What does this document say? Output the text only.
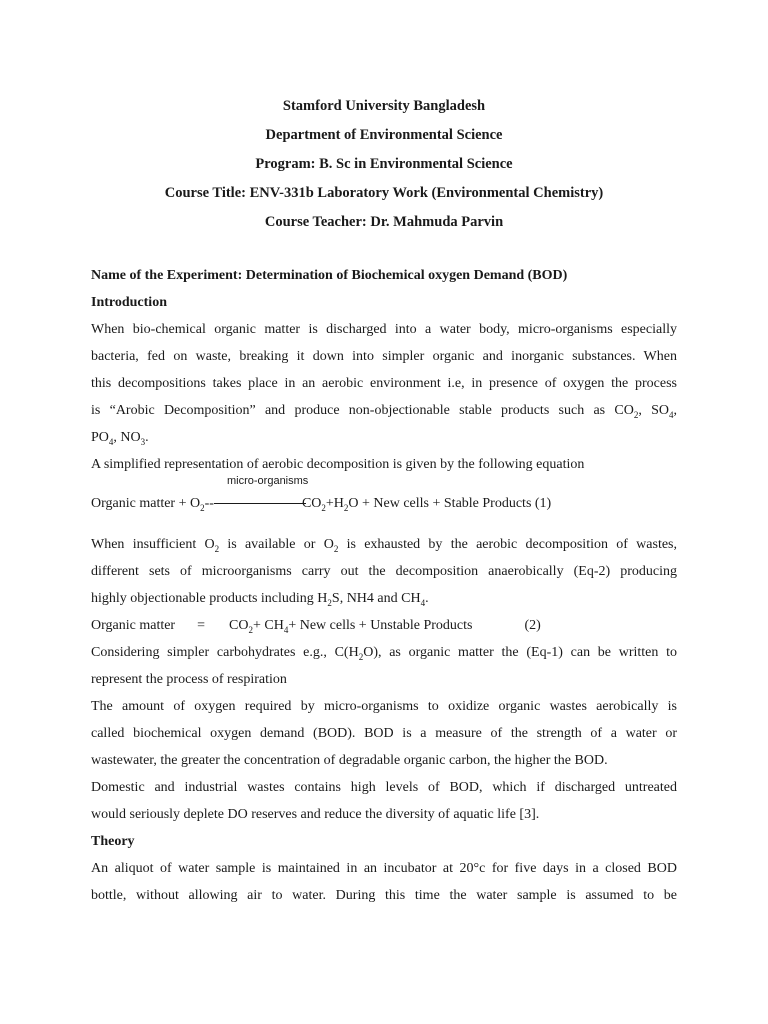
Stamford University Bangladesh
Department of Environmental Science
Program: B. Sc in Environmental Science
Course Title: ENV-331b Laboratory Work (Environmental Chemistry)
Course Teacher: Dr. Mahmuda Parvin
Name of the Experiment: Determination of Biochemical oxygen Demand (BOD)
Introduction
When bio-chemical organic matter is discharged into a water body, micro-organisms especially
bacteria, fed on waste, breaking it down into simpler organic and inorganic substances. When
this decompositions takes place in an aerobic environment i.e, in presence of oxygen the process
is “Arobic Decomposition” and produce non-objectionable stable products such as $CO_2$, $SO_4$,
$PO_4$, $NO_3$.
A simplified representation of aerobic decomposition is given by the following equation
micro-organisms
Organic matter + $O_2--$	$CO_2+H_2O$ + New cells + Stable Products (1)
When insufficient $O_2$ is available or $O_2$ is exhausted by the aerobic decomposition of wastes,
different sets of microorganisms carry out the decomposition anaerobically (Eq-2) producing
highly objectionable products including $H_2S$, NH4 and $CH_4$.
Organic matter = $CO_2+ CH_4+$ New cells + Unstable Products	(2)
Considering simpler carbohydrates e.g., $C(H_2O)$, as organic matter the (Eq-1) can be written to
represent the process of respiration
The amount of oxygen required by micro-organisms to oxidize organic wastes aerobically is
called biochemical oxygen demand (BOD). BOD is a measure of the strength of a water or
wastewater, the greater the concentration of degradable organic carbon, the higher the BOD.
Domestic and industrial wastes contains high levels of BOD, which if discharged untreated
would seriously deplete DO reserves and reduce the diversity of aquatic life [3].
Theory
An aliquot of water sample is maintained in an incubator at 20°c for five days in a closed BOD
bottle, without allowing air to water. During this time the water sample is assumed to be
